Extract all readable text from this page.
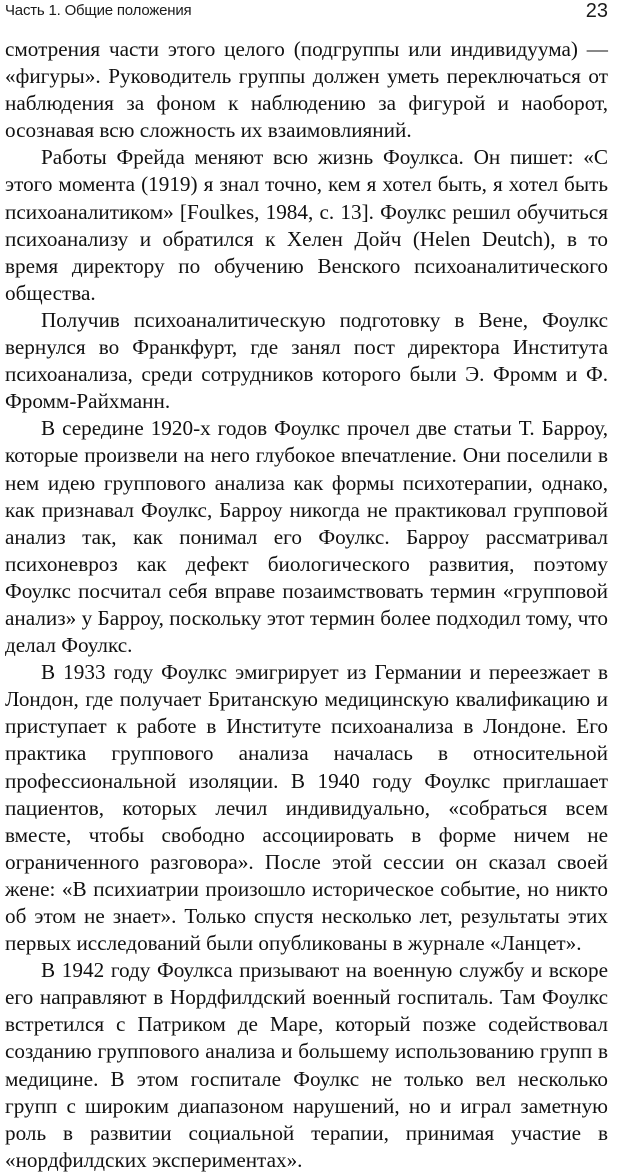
Часть 1. Общие положения	23

смотрения части этого целого (подгруппы или индивидуума) — «фигуры». Руководитель группы должен уметь переключаться от наблюдения за фоном к наблюдению за фигурой и наоборот, осознавая всю сложность их взаимовлияний.

Работы Фрейда меняют всю жизнь Фоулкса. Он пишет: «С этого момента (1919) я знал точно, кем я хотел быть, я хотел быть психоаналитиком» [Foulkes, 1984, с. 13]. Фоулкс решил обучиться психоанализу и обратился к Хелен Дойч (Helen Deutch), в то время директору по обучению Венского психоаналитического общества.

Получив психоаналитическую подготовку в Вене, Фоулкс вернулся во Франкфурт, где занял пост директора Института психоанализа, среди сотрудников которого были Э. Фромм и Ф. Фромм-Райхманн.

В середине 1920-х годов Фоулкс прочел две статьи Т. Барроу, которые произвели на него глубокое впечатление. Они поселили в нем идею группового анализа как формы психотерапии, однако, как признавал Фоулкс, Барроу никогда не практиковал групповой анализ так, как понимал его Фоулкс. Барроу рассматривал психоневроз как дефект биологического развития, поэтому Фоулкс посчитал себя вправе позаимствовать термин «групповой анализ» у Барроу, поскольку этот термин более подходил тому, что делал Фоулкс.

В 1933 году Фоулкс эмигрирует из Германии и переезжает в Лондон, где получает Британскую медицинскую квалификацию и приступает к работе в Институте психоанализа в Лондоне. Его практика группового анализа началась в относительной профессиональной изоляции. В 1940 году Фоулкс приглашает пациентов, которых лечил индивидуально, «собраться всем вместе, чтобы свободно ассоциировать в форме ничем не ограниченного разговора». После этой сессии он сказал своей жене: «В психиатрии произошло историческое событие, но никто об этом не знает». Только спустя несколько лет, результаты этих первых исследований были опубликованы в журнале «Ланцет».

В 1942 году Фоулкса призывают на военную службу и вскоре его направляют в Нордфилдский военный госпиталь. Там Фоулкс встретился с Патриком де Маре, который позже содействовал созданию группового анализа и большему использованию групп в медицине. В этом госпитале Фоулкс не только вел несколько групп с широким диапазоном нарушений, но и играл заметную роль в развитии социальной терапии, принимая участие в «нордфилдских экспериментах».
